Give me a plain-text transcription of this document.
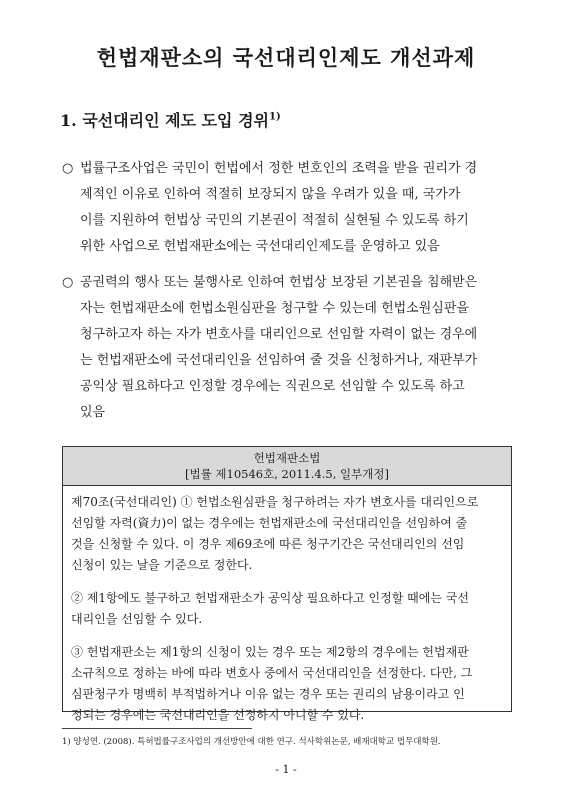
헌법재판소의 국선대리인제도 개선과제
1. 국선대리인 제도 도입 경위$^{1)}$
○ 법률구조사업은 국민이 헌법에서 정한 변호인의 조력을 받을 권리가 경
제적인 이유로 인하여 적절히 보장되지 않을 우려가 있을 때, 국가가
이를 지원하여 헌법상 국민의 기본권이 적절히 실현될 수 있도록 하기
위한 사업으로 헌법재판소에는 국선대리인제도를 운영하고 있음
○ 공권력의 행사 또는 불행사로 인하여 헌법상 보장된 기본권을 침해받은
자는 헌법재판소에 헌법소원심판을 청구할 수 있는데 헌법소원심판을
청구하고자 하는 자가 변호사를 대리인으로 선임할 자력이 없는 경우에
는 헌법재판소에 국선대리인을 선임하여 줄 것을 신청하거나, 재판부가
공익상 필요하다고 인정할 경우에는 직권으로 선임할 수 있도록 하고
있음
헌법재판소법
[법률 제10546호, 2011.4.5, 일부개정]
제70조(국선대리인) ① 헌법소원심판을 청구하려는 자가 변호사를 대리인으로
선임할 자력(資力)이 없는 경우에는 헌법재판소에 국선대리인을 선임하여 줄
것을 신청할 수 있다. 이 경우 제69조에 따른 청구기간은 국선대리인의 선임
신청이 있는 날을 기준으로 정한다.
② 제1항에도 불구하고 헌법재판소가 공익상 필요하다고 인정할 때에는 국선
대리인을 선임할 수 있다.
③ 헌법재판소는 제1항의 신청이 있는 경우 또는 제2항의 경우에는 헌법재판
소규칙으로 정하는 바에 따라 변호사 중에서 국선대리인을 선정한다. 다만, 그
심판청구가 명백히 부적법하거나 이유 없는 경우 또는 권리의 남용이라고 인
정되는 경우에는 국선대리인을 선정하지 아니할 수 있다.
1) 양성연. (2008). 특허법률구조사업의 개선방안에 대한 연구. 석사학위논문, 배재대학교 법무대학원.
- 1 -
